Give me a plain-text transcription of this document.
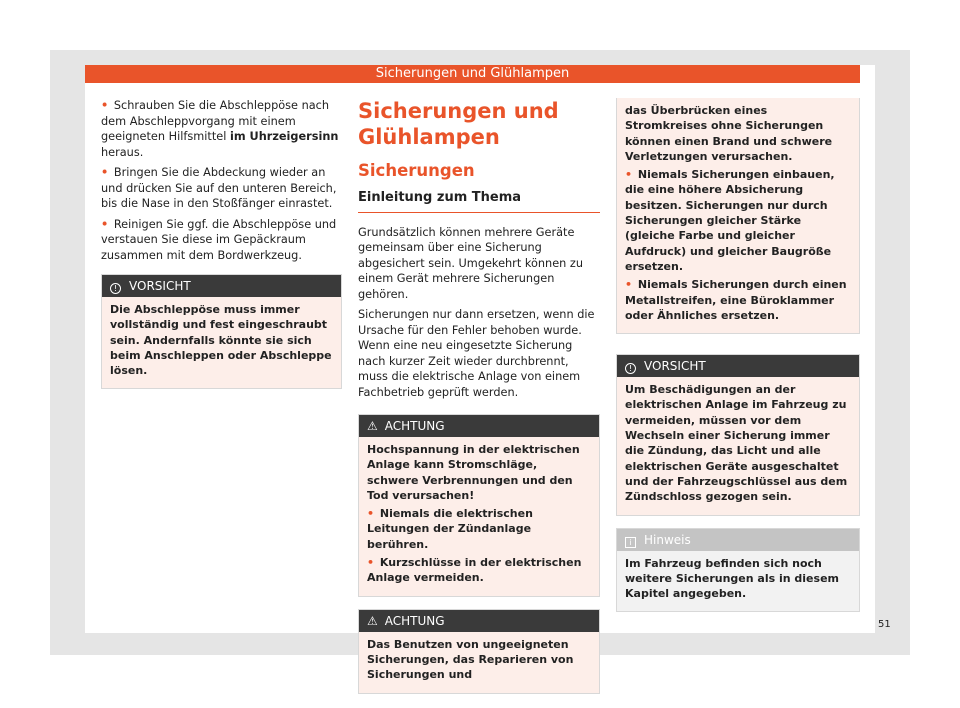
Sicherungen und Glühlampen

• Schrauben Sie die Abschleppöse nach dem Abschleppvorgang mit einem geeigneten Hilfsmittel im Uhrzeigersinn heraus.

• Bringen Sie die Abdeckung wieder an und drücken Sie auf den unteren Bereich, bis die Nase in den Stoßfänger einrastet.

• Reinigen Sie ggf. die Abschleppöse und verstauen Sie diese im Gepäckraum zusammen mit dem Bordwerkzeug.

! VORSICHT

Die Abschleppöse muss immer vollständig und fest eingeschraubt sein. Andernfalls könnte sie sich beim Anschleppen oder Abschleppe lösen.

Sicherungen und Glühlampen
Sicherungen
Einleitung zum Thema

Grundsätzlich können mehrere Geräte gemeinsam über eine Sicherung abgesichert sein. Umgekehrt können zu einem Gerät mehrere Sicherungen gehören.

Sicherungen nur dann ersetzen, wenn die Ursache für den Fehler behoben wurde. Wenn eine neu eingesetzte Sicherung nach kurzer Zeit wieder durchbrennt, muss die elektrische Anlage von einem Fachbetrieb geprüft werden.

⚠ ACHTUNG

Hochspannung in der elektrischen Anlage kann Stromschläge, schwere Verbrennungen und den Tod verursachen!

• Niemals die elektrischen Leitungen der Zündanlage berühren.

• Kurzschlüsse in der elektrischen Anlage vermeiden.

⚠ ACHTUNG

Das Benutzen von ungeeigneten Sicherungen, das Reparieren von Sicherungen und

das Überbrücken eines Stromkreises ohne Sicherungen können einen Brand und schwere Verletzungen verursachen.

• Niemals Sicherungen einbauen, die eine höhere Absicherung besitzen. Sicherungen nur durch Sicherungen gleicher Stärke (gleiche Farbe und gleicher Aufdruck) und gleicher Baugröße ersetzen.

• Niemals Sicherungen durch einen Metallstreifen, eine Büroklammer oder Ähnliches ersetzen.

! VORSICHT

Um Beschädigungen an der elektrischen Anlage im Fahrzeug zu vermeiden, müssen vor dem Wechseln einer Sicherung immer die Zündung, das Licht und alle elektrischen Geräte ausgeschaltet und der Fahrzeugschlüssel aus dem Zündschloss gezogen sein.

i Hinweis

Im Fahrzeug befinden sich noch weitere Sicherungen als in diesem Kapitel angegeben.

51
